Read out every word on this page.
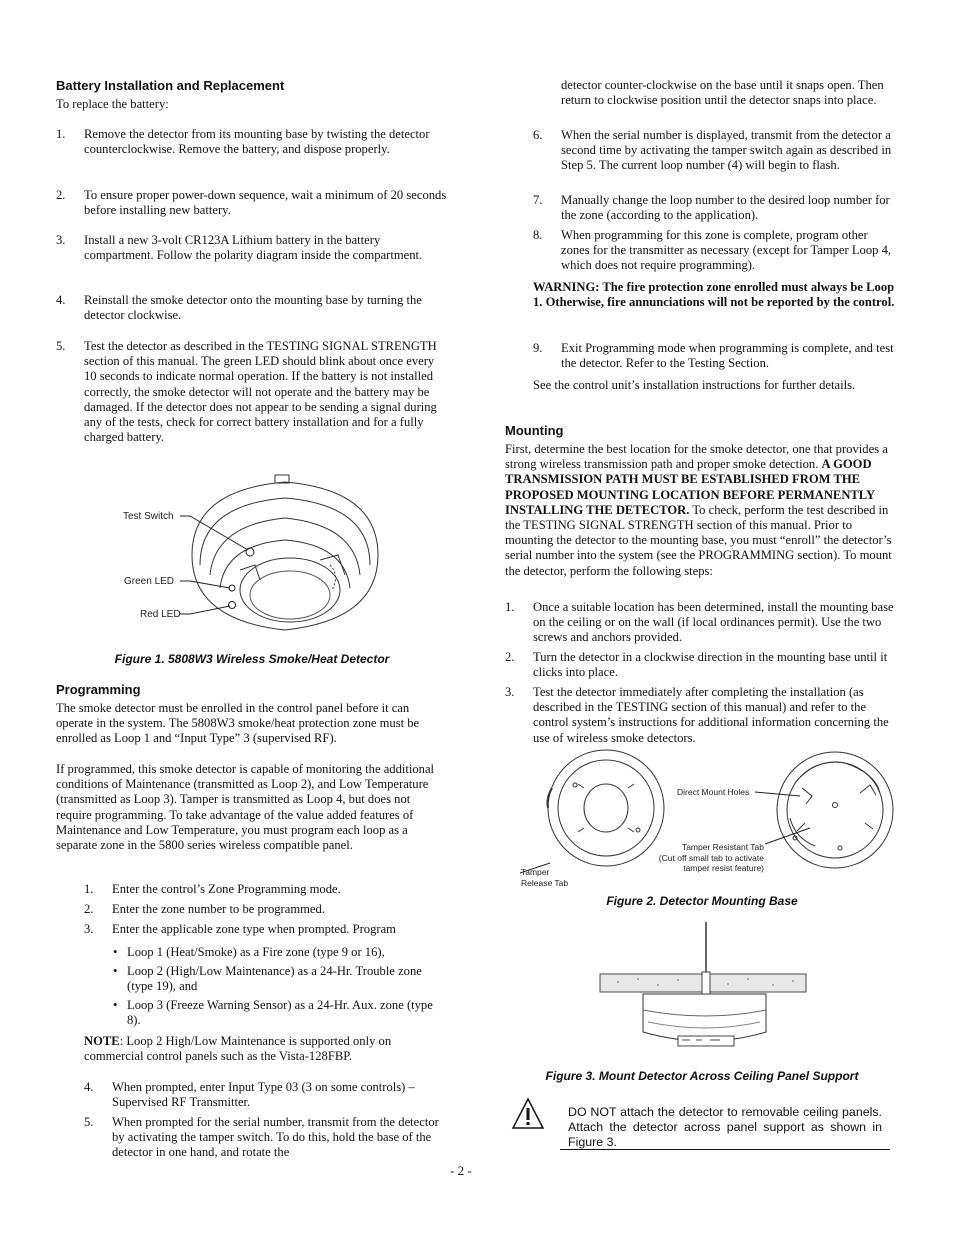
Battery Installation and Replacement

To replace the battery:

1. Remove the detector from its mounting base by twisting the detector counterclockwise. Remove the battery, and dispose properly.
2. To ensure proper power-down sequence, wait a minimum of 20 seconds before installing new battery.
3. Install a new 3-volt CR123A Lithium battery in the battery compartment. Follow the polarity diagram inside the compartment.
4. Reinstall the smoke detector onto the mounting base by turning the detector clockwise.
5. Test the detector as described in the TESTING SIGNAL STRENGTH section of this manual. The green LED should blink about once every 10 seconds to indicate normal operation. If the battery is not installed correctly, the smoke detector will not operate and the battery may be damaged. If the detector does not appear to be sending a signal during any of the tests, check for correct battery installation and for a fully charged battery.
Test Switch
Green LED
Red LED
Figure 1. 5808W3 Wireless Smoke/Heat Detector
Programming

The smoke detector must be enrolled in the control panel before it can operate in the system. The 5808W3 smoke/heat protection zone must be enrolled as Loop 1 and “Input Type” 3 (supervised RF).

If programmed, this smoke detector is capable of monitoring the additional conditions of Maintenance (transmitted as Loop 2), and Low Temperature (transmitted as Loop 3). Tamper is transmitted as Loop 4, but does not require programming. To take advantage of the value added features of Maintenance and Low Temperature, you must program each loop as a separate zone in the 5800 series wireless compatible panel.

1. Enter the control’s Zone Programming mode.
2. Enter the zone number to be programmed.
3. Enter the applicable zone type when prompted. Program
• Loop 1 (Heat/Smoke) as a Fire zone (type 9 or 16),
• Loop 2 (High/Low Maintenance) as a 24-Hr. Trouble zone (type 19), and
• Loop 3 (Freeze Warning Sensor) as a 24-Hr. Aux. zone (type 8).

NOTE: Loop 2 High/Low Maintenance is supported only on commercial control panels such as the Vista-128FBP.

4. When prompted, enter Input Type 03 (3 on some controls) – Supervised RF Transmitter.
5. When prompted for the serial number, transmit from the detector by activating the tamper switch. To do this, hold the base of the detector in one hand, and rotate the

detector counter-clockwise on the base until it snaps open. Then return to clockwise position until the detector snaps into place.

6. When the serial number is displayed, transmit from the detector a second time by activating the tamper switch again as described in Step 5. The current loop number (4) will begin to flash.
7. Manually change the loop number to the desired loop number for the zone (according to the application).
8. When programming for this zone is complete, program other zones for the transmitter as necessary (except for Tamper Loop 4, which does not require programming).

WARNING: The fire protection zone enrolled must always be Loop 1. Otherwise, fire annunciations will not be reported by the control.

9. Exit Programming mode when programming is complete, and test the detector. Refer to the Testing Section.

See the control unit’s installation instructions for further details.

Mounting

First, determine the best location for the smoke detector, one that provides a strong wireless transmission path and proper smoke detection. A GOOD TRANSMISSION PATH MUST BE ESTABLISHED FROM THE PROPOSED MOUNTING LOCATION BEFORE PERMANENTLY INSTALLING THE DETECTOR. To check, perform the test described in the TESTING SIGNAL STRENGTH section of this manual. Prior to mounting the detector to the mounting base, you must “enroll” the detector’s serial number into the system (see the PROGRAMMING section). To mount the detector, perform the following steps:

1. Once a suitable location has been determined, install the mounting base on the ceiling or on the wall (if local ordinances permit). Use the two screws and anchors provided.
2. Turn the detector in a clockwise direction in the mounting base until it clicks into place.
3. Test the detector immediately after completing the installation (as described in the TESTING section of this manual) and refer to the control system’s instructions for additional information concerning the use of wireless smoke detectors.
Direct Mount Holes
Tamper Resistant Tab
(Cut off small tab to activate
tamper resist feature)
Tamper
Release Tab
Figure 2. Detector Mounting Base
Figure 3. Mount Detector Across Ceiling Panel Support
DO NOT attach the detector to removable ceiling panels. Attach the detector across panel support as shown in Figure 3.
- 2 -
